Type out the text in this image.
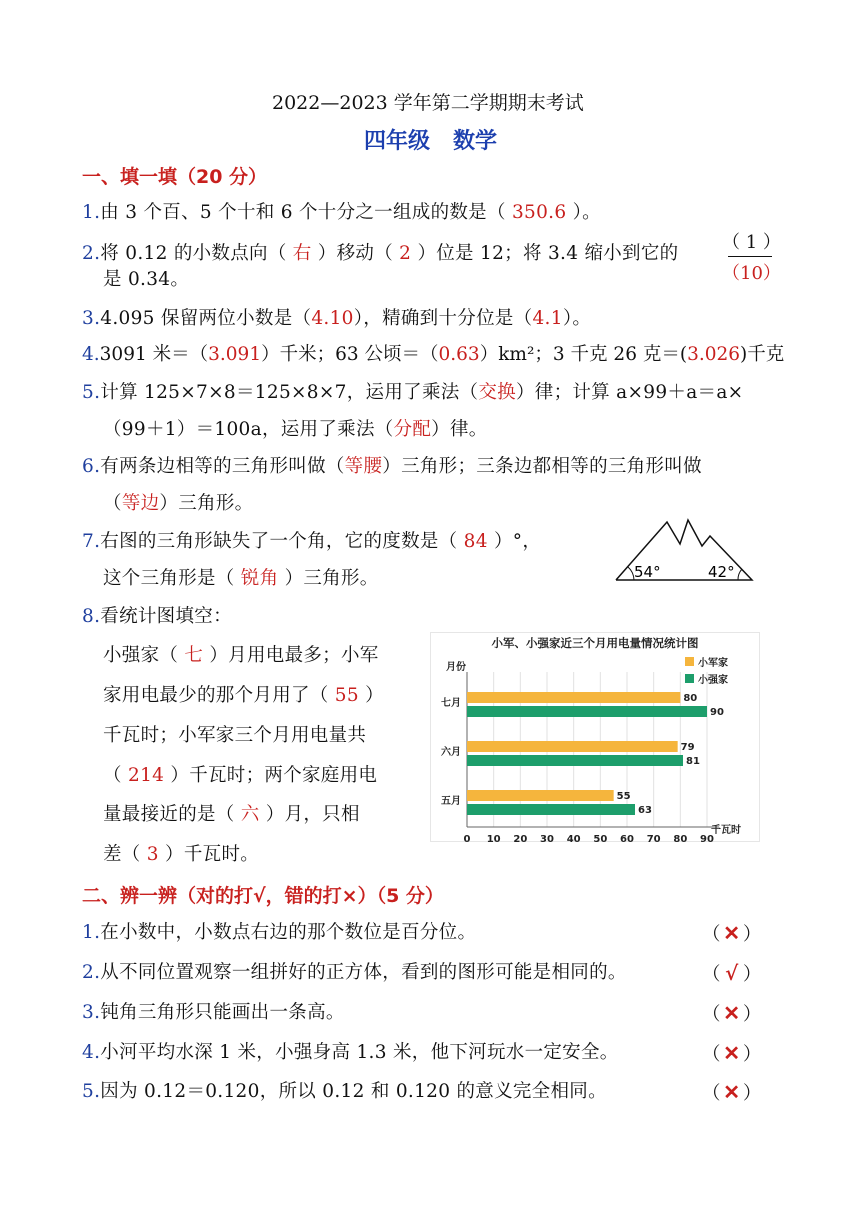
2022—2023 学年第二学期期末考试
四年级   数学
一、填一填（20 分）
1.由 3 个百、5 个十和 6 个十分之一组成的数是（ 350.6 ）。
2.将 0.12 的小数点向（ 右 ）移动（ 2 ）位是 12；将 3.4 缩小到它的
（ 1 ）
（10）
是 0.34。
3.4.095 保留两位小数是（4.10），精确到十分位是（4.1）。
4.3091 米＝（3.091）千米；63 公顷＝（0.63）km²；3 千克 26 克＝(3.026)千克
5.计算 125×7×8＝125×8×7，运用了乘法（交换）律；计算 a×99＋a＝a×
（99＋1）＝100a，运用了乘法（分配）律。
6.有两条边相等的三角形叫做（等腰）三角形；三条边都相等的三角形叫做
（等边）三角形。
7.右图的三角形缺失了一个角，它的度数是（ 84 ）°，
这个三角形是（ 锐角 ）三角形。	54°	42°
8.看统计图填空：
小强家（ 七 ）月用电最多；小军
家用电最少的那个月用了（ 55 ）
千瓦时；小军家三个月用电量共
（ 214 ）千瓦时；两个家庭用电
量最接近的是（ 六 ）月，只相
差（ 3 ）千瓦时。
小军、小强家近三个月用电量情况统计图
月份
0 10 20 30 40 50 60 70 80 90
千瓦时
小军家
小强家
七月	80
90
六月	79
81
五月	55
63
二、辨一辨（对的打√，错的打×）（5 分）
1.在小数中，小数点右边的那个数位是百分位。	（ ✕ ）
2.从不同位置观察一组拼好的正方体，看到的图形可能是相同的。	（ √ ）
3.钝角三角形只能画出一条高。	（ ✕ ）
4.小河平均水深 1 米，小强身高 1.3 米，他下河玩水一定安全。	（ ✕ ）
5.因为 0.12＝0.120，所以 0.12 和 0.120 的意义完全相同。	（ ✕ ）
